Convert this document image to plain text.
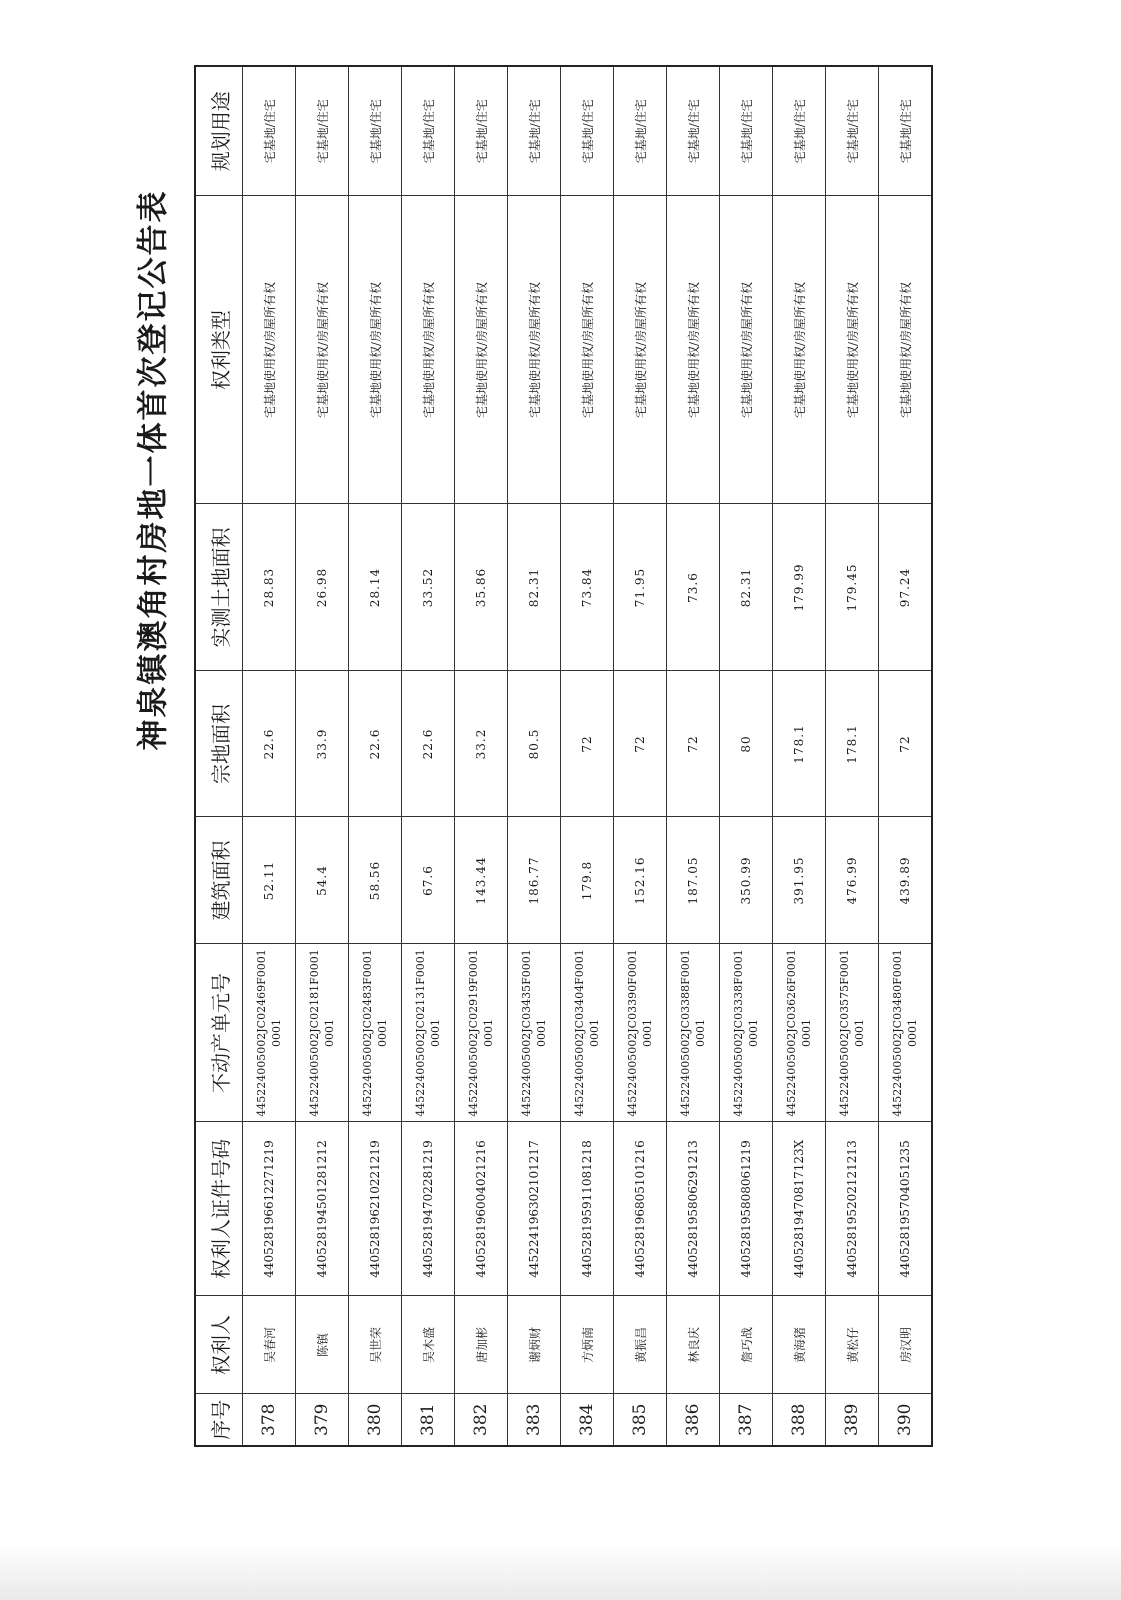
神泉镇澳角村房地一体首次登记公告表
序号	权利人	权利人证件号码	不动产单元号	建筑面积	宗地面积	实测土地面积	权利类型	规划用途
378	吴春河	440528196612271219	445224005002JC02469F00010001	52.11	22.6	28.83	宅基地使用权/房屋所有权	宅基地/住宅
379	陈镇	440528194501281212	445224005002JC02181F00010001	54.4	33.9	26.98	宅基地使用权/房屋所有权	宅基地/住宅
380	吴世荣	440528196210221219	445224005002JC02483F00010001	58.56	22.6	28.14	宅基地使用权/房屋所有权	宅基地/住宅
381	吴木盛	440528194702281219	445224005002JC02131F00010001	67.6	22.6	33.52	宅基地使用权/房屋所有权	宅基地/住宅
382	唐加彬	440528196004021216	445224005002JC02919F00010001	143.44	33.2	35.86	宅基地使用权/房屋所有权	宅基地/住宅
383	谢炳财	445224196302101217	445224005002JC03435F00010001	186.77	80.5	82.31	宅基地使用权/房屋所有权	宅基地/住宅
384	方炳南	440528195911081218	445224005002JC03404F00010001	179.8	72	73.84	宅基地使用权/房屋所有权	宅基地/住宅
385	黄振昌	440528196805101216	445224005002JC03390F00010001	152.16	72	71.95	宅基地使用权/房屋所有权	宅基地/住宅
386	林良庆	440528195806291213	445224005002JC03388F00010001	187.05	72	73.6	宅基地使用权/房屋所有权	宅基地/住宅
387	詹巧战	440528195808061219	445224005002JC03338F00010001	350.99	80	82.31	宅基地使用权/房屋所有权	宅基地/住宅
388	黄海猪	44052819470817123X	445224005002JC03626F00010001	391.95	178.1	179.99	宅基地使用权/房屋所有权	宅基地/住宅
389	黄松仔	440528195202121213	445224005002JC03575F00010001	476.99	178.1	179.45	宅基地使用权/房屋所有权	宅基地/住宅
390	房汉明	440528195704051235	445224005002JC03480F00010001	439.89	72	97.24	宅基地使用权/房屋所有权	宅基地/住宅
